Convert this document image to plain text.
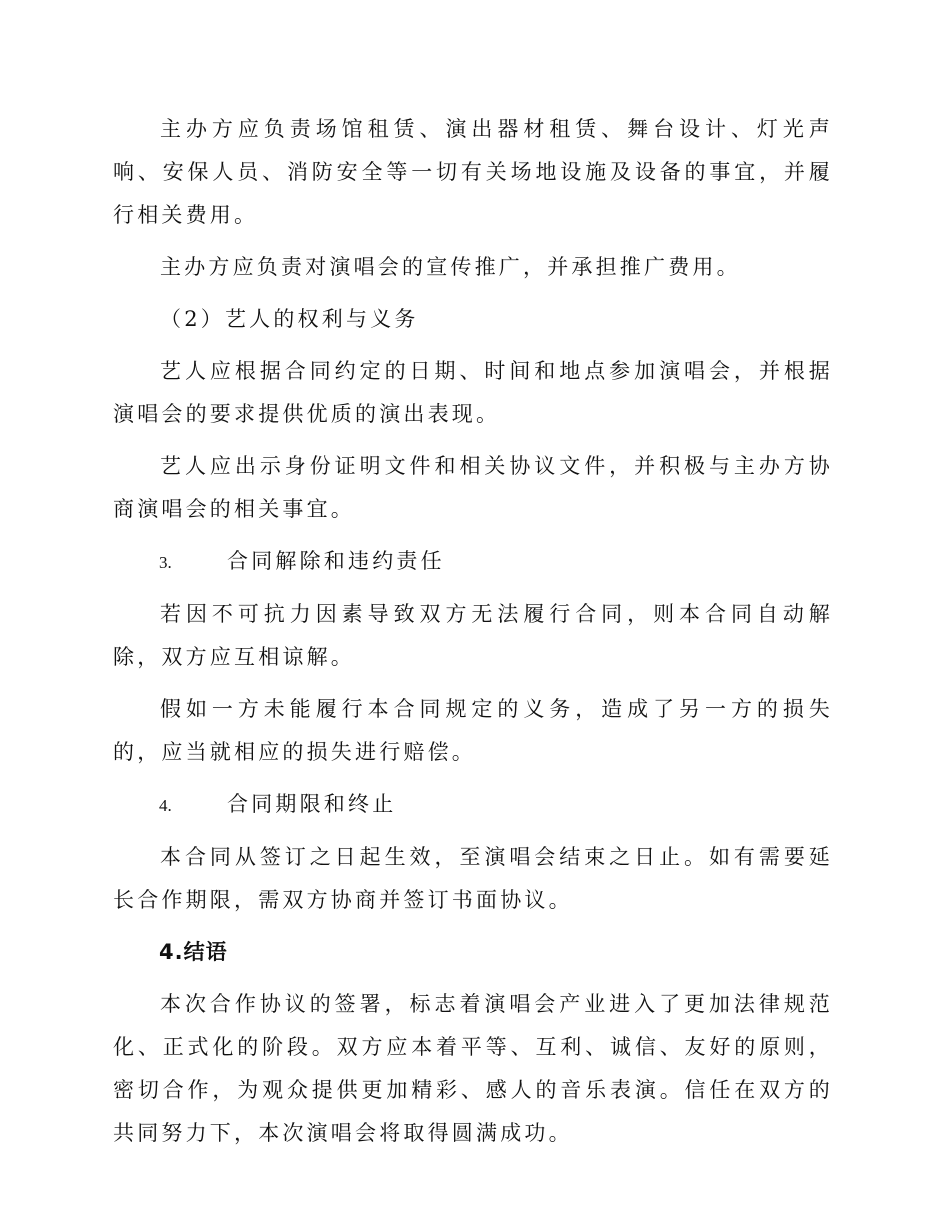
主办方应负责场馆租赁、演出器材租赁、舞台设计、灯光声响、安保人员、消防安全等一切有关场地设施及设备的事宜，并履行相关费用。

主办方应负责对演唱会的宣传推广，并承担推广费用。

（2）艺人的权利与义务

艺人应根据合同约定的日期、时间和地点参加演唱会，并根据演唱会的要求提供优质的演出表现。

艺人应出示身份证明文件和相关协议文件，并积极与主办方协商演唱会的相关事宜。

3.	合同解除和违约责任

若因不可抗力因素导致双方无法履行合同，则本合同自动解除，双方应互相谅解。

假如一方未能履行本合同规定的义务，造成了另一方的损失的，应当就相应的损失进行赔偿。

4.	合同期限和终止

本合同从签订之日起生效，至演唱会结束之日止。如有需要延长合作期限，需双方协商并签订书面协议。

4.结语

本次合作协议的签署，标志着演唱会产业进入了更加法律规范化、正式化的阶段。双方应本着平等、互利、诚信、友好的原则，密切合作，为观众提供更加精彩、感人的音乐表演。信任在双方的共同努力下，本次演唱会将取得圆满成功。
